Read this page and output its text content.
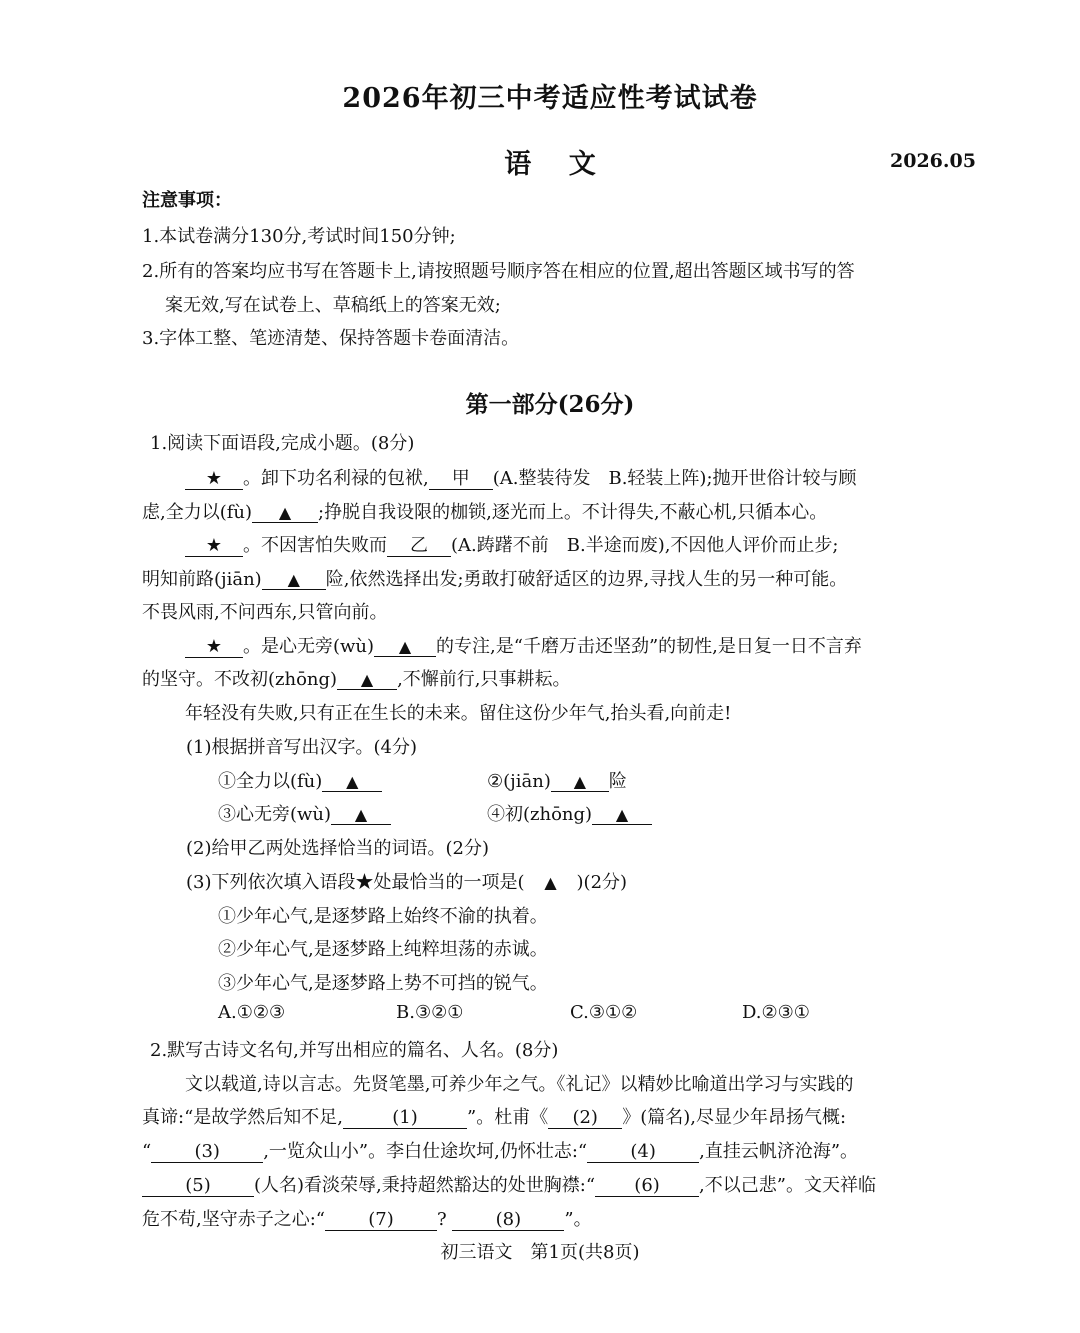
2026年初三中考适应性考试试卷
语 文	2026.05
注意事项：
1.本试卷满分130分,考试时间150分钟;
2.所有的答案均应书写在答题卡上,请按照题号顺序答在相应的位置,超出答题区域书写的答
案无效,写在试卷上、草稿纸上的答案无效;
3.字体工整、笔迹清楚、保持答题卡卷面清洁。
第一部分(26分)
1.阅读下面语段,完成小题。(8分)
★ 。卸下功名利禄的包袱, 甲 (A.整装待发　B.轻装上阵);抛开世俗计较与顾
虑,全力以(fù) ▲ ;挣脱自我设限的枷锁,逐光而上。不计得失,不蔽心机,只循本心。
★ 。不因害怕失败而 乙 (A.踌躇不前　B.半途而废),不因他人评价而止步;
明知前路(jiān) ▲ 险,依然选择出发;勇敢打破舒适区的边界,寻找人生的另一种可能。
不畏风雨,不问西东,只管向前。
★ 。是心无旁(wù) ▲ 的专注,是“千磨万击还坚劲”的韧性,是日复一日不言弃
的坚守。不改初(zhōng) ▲ ,不懈前行,只事耕耘。
年轻没有失败,只有正在生长的未来。留住这份少年气,抬头看,向前走!
(1)根据拼音写出汉字。(4分)
①全力以(fù) ▲	②(jiān) ▲ 险
③心无旁(wù) ▲	④初(zhōng) ▲
(2)给甲乙两处选择恰当的词语。(2分)
(3)下列依次填入语段★处最恰当的一项是( ▲ )(2分)
①少年心气,是逐梦路上始终不渝的执着。
②少年心气,是逐梦路上纯粹坦荡的赤诚。
③少年心气,是逐梦路上势不可挡的锐气。
A.①②③	B.③②①	C.③①②	D.②③①
2.默写古诗文名句,并写出相应的篇名、人名。(8分)
文以载道,诗以言志。先贤笔墨,可养少年之气。《礼记》以精妙比喻道出学习与实践的
真谛:“是故学然后知不足,	(1)	”。杜甫《 (2) 》(篇名),尽显少年昂扬气概:
“ (3) ,一览众山小”。李白仕途坎坷,仍怀壮志:“ (4) ,直挂云帆济沧海”。
(5) (人名)看淡荣辱,秉持超然豁达的处世胸襟:“ (6) ,不以己悲”。文天祥临
危不苟,坚守赤子之心:“ (7) ?	(8) ”。
初三语文　第1页(共8页)
